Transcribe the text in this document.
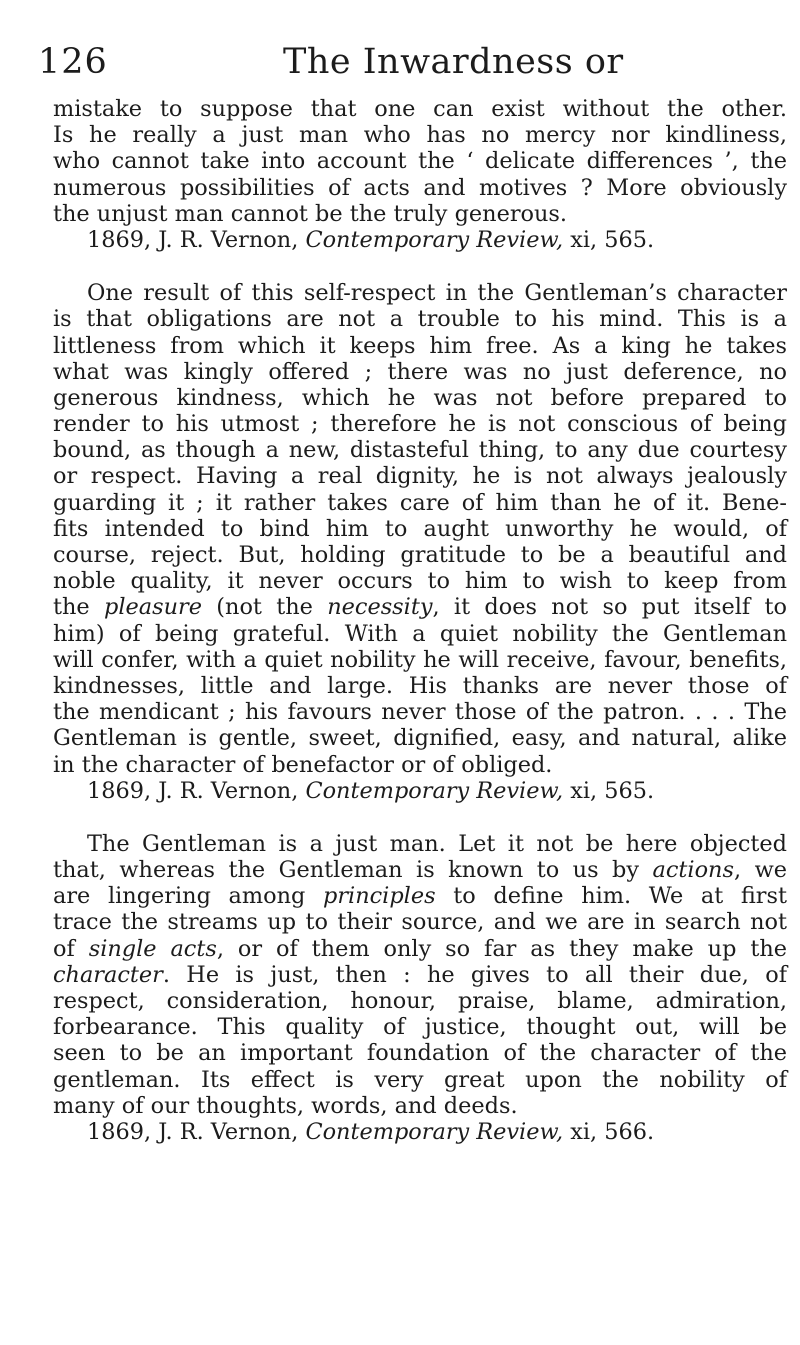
126	The Inwardness or
mistake to suppose that one can exist without the other.
Is he really a just man who has no mercy nor kindliness,
who cannot take into account the ‘ delicate differences ’, the
numerous possibilities of acts and motives ? More obviously
the unjust man cannot be the truly generous.
1869, J. R. Vernon, Contemporary Review, xi, 565.
One result of this self-respect in the Gentleman’s character
is that obligations are not a trouble to his mind. This is a
littleness from which it keeps him free. As a king he takes
what was kingly offered ; there was no just deference, no
generous kindness, which he was not before prepared to
render to his utmost ; therefore he is not conscious of being
bound, as though a new, distasteful thing, to any due courtesy
or respect. Having a real dignity, he is not always jealously
guarding it ; it rather takes care of him than he of it. Bene-
fits intended to bind him to aught unworthy he would, of
course, reject. But, holding gratitude to be a beautiful and
noble quality, it never occurs to him to wish to keep from
the pleasure (not the necessity, it does not so put itself to
him) of being grateful. With a quiet nobility the Gentleman
will confer, with a quiet nobility he will receive, favour, benefits,
kindnesses, little and large. His thanks are never those of
the mendicant ; his favours never those of the patron. . . . The
Gentleman is gentle, sweet, dignified, easy, and natural, alike
in the character of benefactor or of obliged.
1869, J. R. Vernon, Contemporary Review, xi, 565.
The Gentleman is a just man. Let it not be here objected
that, whereas the Gentleman is known to us by actions, we
are lingering among principles to define him. We at first
trace the streams up to their source, and we are in search not
of single acts, or of them only so far as they make up the
character. He is just, then : he gives to all their due, of
respect, consideration, honour, praise, blame, admiration,
forbearance. This quality of justice, thought out, will be
seen to be an important foundation of the character of the
gentleman. Its effect is very great upon the nobility of
many of our thoughts, words, and deeds.
1869, J. R. Vernon, Contemporary Review, xi, 566.
